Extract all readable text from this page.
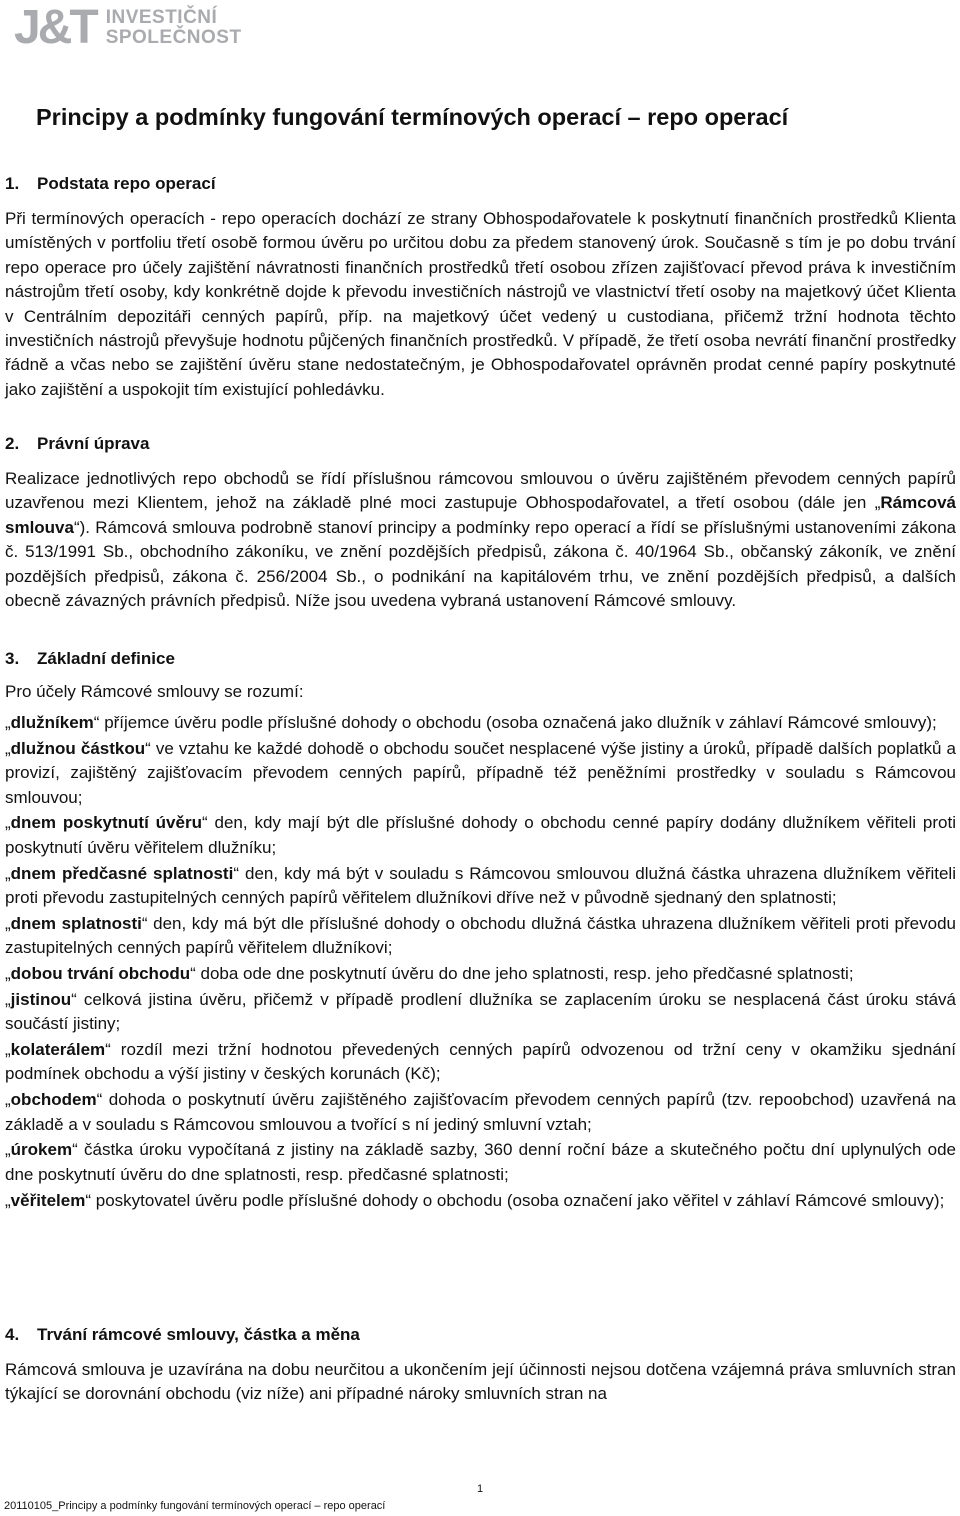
J&T INVESTIČNÍ
SPOLEČNOST
Principy a podmínky fungování termínových operací – repo operací
1. Podstata repo operací

Při termínových operacích - repo operacích dochází ze strany Obhospodařovatele k poskytnutí finančních prostředků Klienta umístěných v portfoliu třetí osobě formou úvěru po určitou dobu za předem stanovený úrok. Současně s tím je po dobu trvání repo operace pro účely zajištění návratnosti finančních prostředků třetí osobou zřízen zajišťovací převod práva k investičním nástrojům třetí osoby, kdy konkrétně dojde k převodu investičních nástrojů ve vlastnictví třetí osoby na majetkový účet Klienta v Centrálním depozitáři cenných papírů, příp. na majetkový účet vedený u custodiana, přičemž tržní hodnota těchto investičních nástrojů převyšuje hodnotu půjčených finančních prostředků. V případě, že třetí osoba nevrátí finanční prostředky řádně a včas nebo se zajištění úvěru stane nedostatečným, je Obhospodařovatel oprávněn prodat cenné papíry poskytnuté jako zajištění a uspokojit tím existující pohledávku.

2. Právní úprava

Realizace jednotlivých repo obchodů se řídí příslušnou rámcovou smlouvou o úvěru zajištěném převodem cenných papírů uzavřenou mezi Klientem, jehož na základě plné moci zastupuje Obhospodařovatel, a třetí osobou (dále jen „Rámcová smlouva“). Rámcová smlouva podrobně stanoví principy a podmínky repo operací a řídí se příslušnými ustanoveními zákona č. 513/1991 Sb., obchodního zákoníku, ve znění pozdějších předpisů, zákona č. 40/1964 Sb., občanský zákoník, ve znění pozdějších předpisů, zákona č. 256/2004 Sb., o podnikání na kapitálovém trhu, ve znění pozdějších předpisů, a dalších obecně závazných právních předpisů. Níže jsou uvedena vybraná ustanovení Rámcové smlouvy.

3. Základní definice

Pro účely Rámcové smlouvy se rozumí:

„dlužníkem“ příjemce úvěru podle příslušné dohody o obchodu (osoba označená jako dlužník v záhlaví Rámcové smlouvy);

„dlužnou částkou“ ve vztahu ke každé dohodě o obchodu součet nesplacené výše jistiny a úroků, případě dalších poplatků a provizí, zajištěný zajišťovacím převodem cenných papírů, případně též peněžními prostředky v souladu s Rámcovou smlouvou;

„dnem poskytnutí úvěru“ den, kdy mají být dle příslušné dohody o obchodu cenné papíry dodány dlužníkem věřiteli proti poskytnutí úvěru věřitelem dlužníku;

„dnem předčasné splatnosti“ den, kdy má být v souladu s Rámcovou smlouvou dlužná částka uhrazena dlužníkem věřiteli proti převodu zastupitelných cenných papírů věřitelem dlužníkovi dříve než v původně sjednaný den splatnosti;

„dnem splatnosti“ den, kdy má být dle příslušné dohody o obchodu dlužná částka uhrazena dlužníkem věřiteli proti převodu zastupitelných cenných papírů věřitelem dlužníkovi;

„dobou trvání obchodu“ doba ode dne poskytnutí úvěru do dne jeho splatnosti, resp. jeho předčasné splatnosti;

„jistinou“ celková jistina úvěru, přičemž v případě prodlení dlužníka se zaplacením úroku se nesplacená část úroku stává součástí jistiny;

„kolaterálem“ rozdíl mezi tržní hodnotou převedených cenných papírů odvozenou od tržní ceny v okamžiku sjednání podmínek obchodu a výší jistiny v českých korunách (Kč);

„obchodem“ dohoda o poskytnutí úvěru zajištěného zajišťovacím převodem cenných papírů (tzv. repoobchod) uzavřená na základě a v souladu s Rámcovou smlouvou a tvořící s ní jediný smluvní vztah;

„úrokem“ částka úroku vypočítaná z jistiny na základě sazby, 360 denní roční báze a skutečného počtu dní uplynulých ode dne poskytnutí úvěru do dne splatnosti, resp. předčasné splatnosti;

„věřitelem“ poskytovatel úvěru podle příslušné dohody o obchodu (osoba označení jako věřitel v záhlaví Rámcové smlouvy);

4. Trvání rámcové smlouvy, částka a měna

Rámcová smlouva je uzavírána na dobu neurčitou a ukončením její účinnosti nejsou dotčena vzájemná práva smluvních stran týkající se dorovnání obchodu (viz níže) ani případné nároky smluvních stran na

1
20110105_Principy a podmínky fungování termínových operací – repo operací
